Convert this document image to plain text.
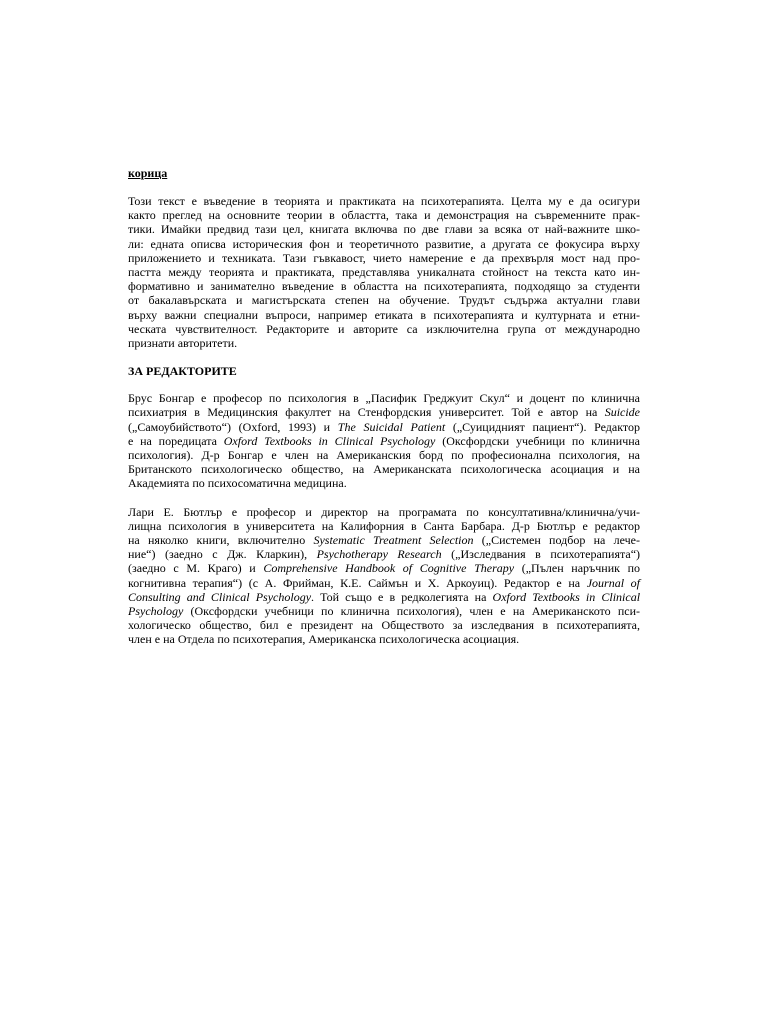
корица
Този текст е въведение в теорията и практиката на психотерапията. Целта му е да осигури
както преглед на основните теории в областта, така и демонстрация на съвременните прак-
тики. Имайки предвид тази цел, книгата включва по две глави за всяка от най-важните шко-
ли: едната описва историческия фон и теоретичното развитие, а другата се фокусира върху
приложението и техниката. Тази гъвкавост, чието намерение е да прехвърля мост над про-
пастта между теорията и практиката, представлява уникалната стойност на текста като ин-
формативно и занимателно въведение в областта на психотерапията, подходящо за студенти
от бакалавърската и магистърската степен на обучение. Трудът съдържа актуални глави
върху важни специални въпроси, например етиката в психотерапията и културната и етни-
ческата чувствителност. Редакторите и авторите са изключителна група от международно
признати авторитети.
ЗА РЕДАКТОРИТЕ
Брус Бонгар е професор по психология в „Пасифик Греджуит Скул“ и доцент по клинична
психиатрия в Медицинския факултет на Стенфордския университет. Той е автор на Suicide
(„Самоубийството“) (Oxford, 1993) и The Suicidal Patient („Суицидният пациент“). Редактор
е на поредицата Oxford Textbooks in Clinical Psychology (Оксфордски учебници по клинична
психология). Д-р Бонгар е член на Американския борд по професионална психология, на
Британското психологическо общество, на Американската психологическа асоциация и на
Академията по психосоматична медицина.
Лари Е. Бютлър е професор и директор на програмата по консултативна/клинична/учи-
лищна психология в университета на Калифорния в Санта Барбара. Д-р Бютлър е редактор
на няколко книги, включително Systematic Treatment Selection („Системен подбор на лече-
ние“) (заедно с Дж. Кларкин), Psychotherapy Research („Изследвания в психотерапията“)
(заедно с М. Краго) и Comprehensive Handbook of Cognitive Therapy („Пълен наръчник по
когнитивна терапия“) (с А. Фрийман, К.Е. Саймън и Х. Аркоуиц). Редактор е на Journal of
Consulting and Clinical Psychology. Той също е в редколегията на Oxford Textbooks in Clinical
Psychology (Оксфордски учебници по клинична психология), член е на Американското пси-
хологическо общество, бил е президент на Обществото за изследвания в психотерапията,
член е на Отдела по психотерапия, Американска психологическа асоциация.
